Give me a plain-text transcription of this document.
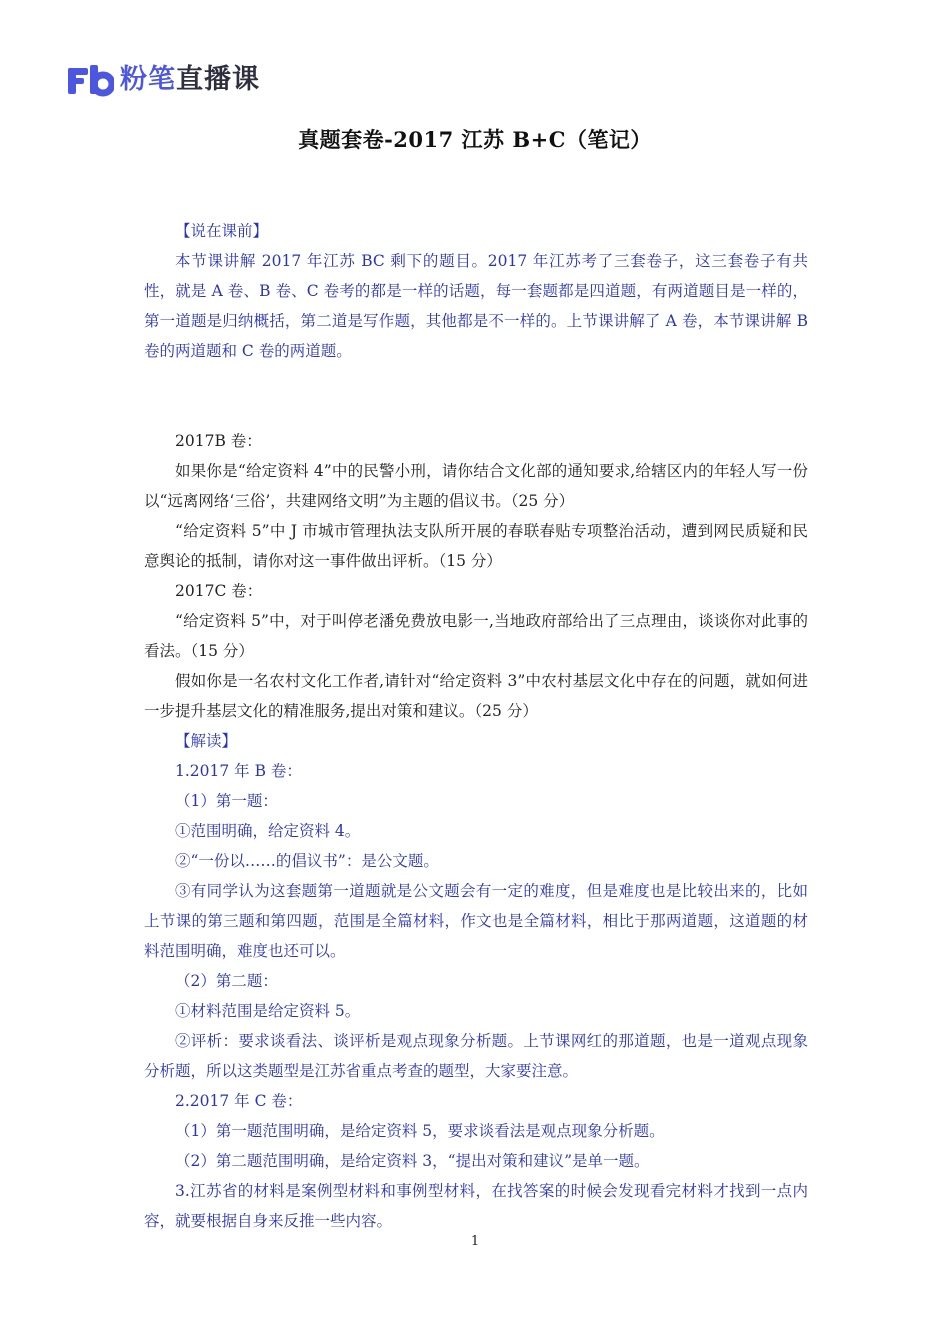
粉笔直播课
真题套卷-2017 江苏 B+C（笔记）

【说在课前】

本节课讲解 2017 年江苏 BC 剩下的题目。2017 年江苏考了三套卷子，这三套卷子有共性，就是 A 卷、B 卷、C 卷考的都是一样的话题，每一套题都是四道题，有两道题目是一样的，第一道题是归纳概括，第二道是写作题，其他都是不一样的。上节课讲解了 A 卷，本节课讲解 B 卷的两道题和 C 卷的两道题。

2017B 卷：

如果你是“给定资料 4”中的民警小刑，请你结合文化部的通知要求,给辖区内的年轻人写一份以“远离网络‘三俗’，共建网络文明”为主题的倡议书。（25 分）

“给定资料 5”中 J 市城市管理执法支队所开展的春联春贴专项整治活动，遭到网民质疑和民意舆论的抵制，请你对这一事件做出评析。（15 分）

2017C 卷：

“给定资料 5”中，对于叫停老潘免费放电影一,当地政府部给出了三点理由，谈谈你对此事的看法。（15 分）

假如你是一名农村文化工作者,请针对“给定资料 3”中农村基层文化中存在的问题，就如何进一步提升基层文化的精准服务,提出对策和建议。（25 分）

【解读】

1.2017 年 B 卷：

（1）第一题：

①范围明确，给定资料 4。

②“一份以……的倡议书”：是公文题。

③有同学认为这套题第一道题就是公文题会有一定的难度，但是难度也是比较出来的，比如上节课的第三题和第四题，范围是全篇材料，作文也是全篇材料，相比于那两道题，这道题的材料范围明确，难度也还可以。

（2）第二题：

①材料范围是给定资料 5。

②评析：要求谈看法、谈评析是观点现象分析题。上节课网红的那道题，也是一道观点现象分析题，所以这类题型是江苏省重点考查的题型，大家要注意。

2.2017 年 C 卷：

（1）第一题范围明确，是给定资料 5，要求谈看法是观点现象分析题。

（2）第二题范围明确，是给定资料 3，“提出对策和建议”是单一题。

3.江苏省的材料是案例型材料和事例型材料，在找答案的时候会发现看完材料才找到一点内容，就要根据自身来反推一些内容。

1
